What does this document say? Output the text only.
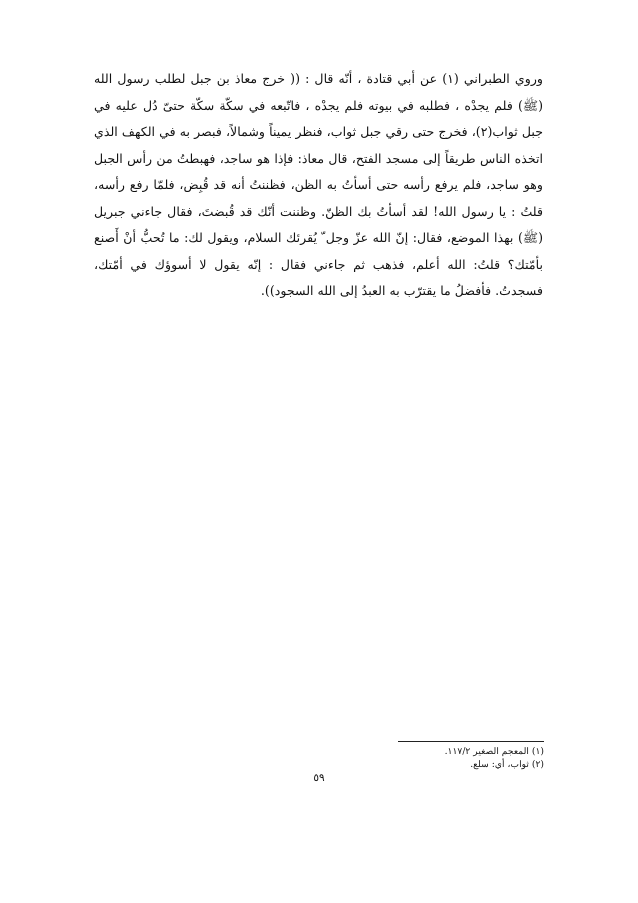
وروي الطبراني (١) عن أبي قتادة ، أنّه قال : (( خرج معاذ بن جبل لطلب رسول الله (ﷺ) فلم يجدْه ، فطلبه في بيوته فلم يجدْه ، فاتّبعه في سكّة سكّة حتىّ دُل عليه في جبل ثواب(٢)، فخرج حتى رقي جبل ثواب، فنظر يميناً وشمالاً، فبصر به في الكهف الذي اتخذه الناس طريقاً إلى مسجد الفتح، قال معاذ: فإذا هو ساجد، فهبطتُ من رأس الجبل وهو ساجد، فلم يرفع رأسه حتى أسأتُ به الظن، فظننتُ أنه قد قُبِض، فلمّا رفع رأسه، قلتُ : يا رسول الله! لقد أسأتُ بك الظنّ. وظننت أنّك قد قُبضتَ، فقال جاءني جبريل (ﷺ) بهذا الموضع، فقال: إنّ الله عزّ وجل ّ يُقرئك السلام، ويقول لك: ما تُحبُّ أنْ أَصنع بأمّتك؟ قلتُ: الله أعلم، فذهب ثم جاءني فقال : إنّه يقول لا أسوؤك في أمّتك، فسجدتُ. فأفضلُ ما يقترّب به العبدُ إلى الله السجود)).

(١) المعجم الصغير ١١٧/٢.
(٢) ثواب، أي: سلع.
٥٩
